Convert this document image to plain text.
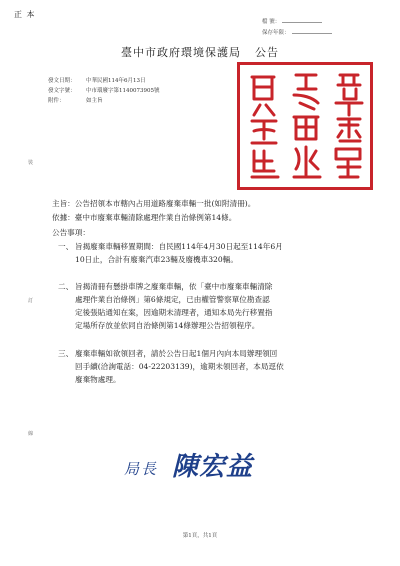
正 本
檔 號：
保存年限：
臺中市政府環境保護局 公告
發文日期： 中華民國114年6月13日
發文字號： 中市環廢字第1140073905號
附件：	如主旨
裝
訂
線
主旨：公告招領本市轄內占用道路廢棄車輛一批(如附清冊)。
依據：臺中市廢棄車輛清除處理作業自治條例第14條。
公告事項：
一、 旨揭廢棄車輛移置期間：自民國114年4月30日起至114年6月
10日止，合計有廢棄汽車23輛及廢機車320輛。
二、 旨揭清冊有懸掛車牌之廢棄車輛，依「臺中市廢棄車輛清除
處理作業自治條例」第6條規定，已由權管警察單位勘查認
定後張貼通知在案，因逾期未清理者，通知本局先行移置指
定場所存放並依同自治條例第14條辦理公告招領程序。
三、 廢棄車輛如欲領回者，請於公告日起1個月內向本局辦理領回
回手續(洽詢電話：04-22203139)，逾期未領回者，本局逕依
廢棄物處理。
局長 陳宏益
第1頁，共1頁
